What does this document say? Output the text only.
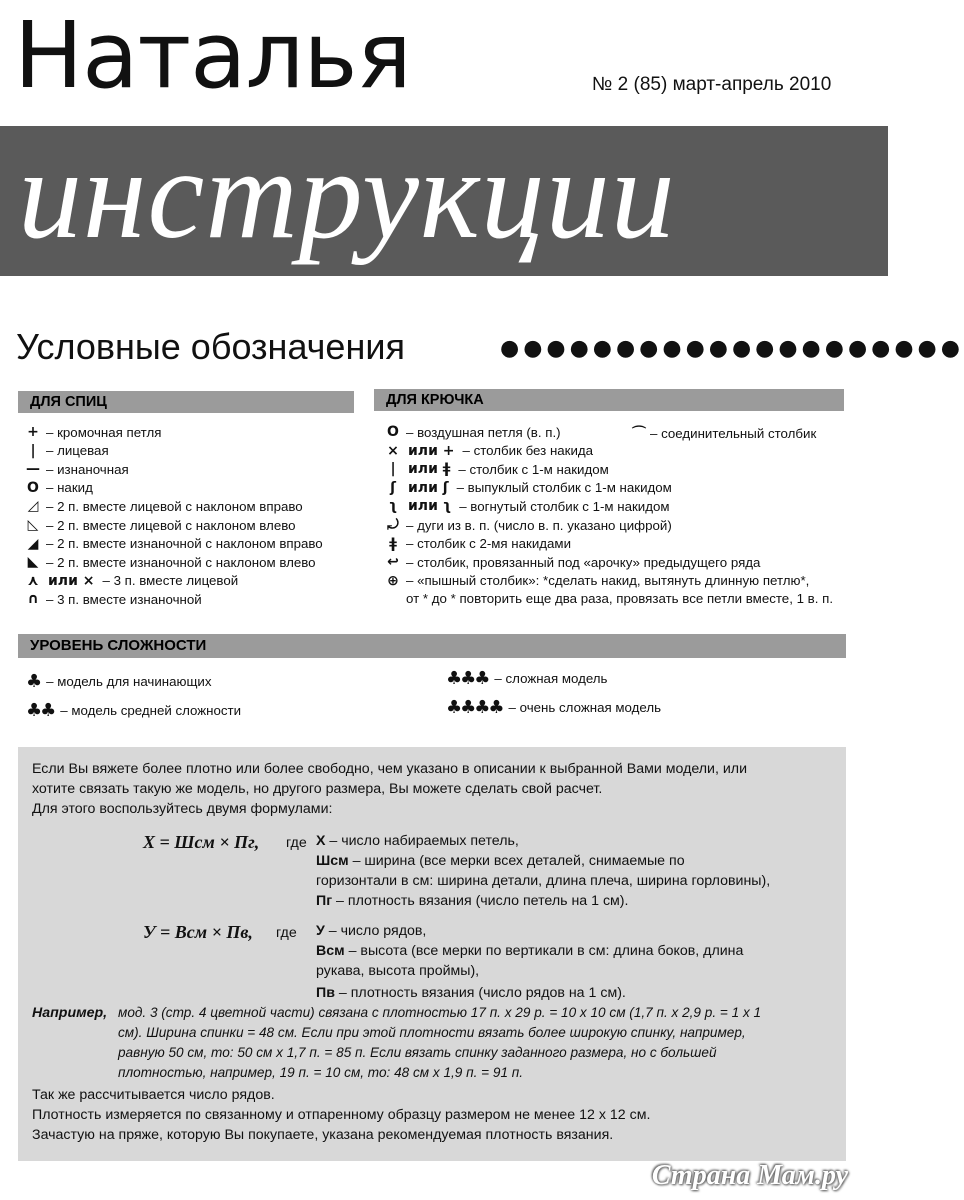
Наталья	№ 2 (85) март-апрель 2010
инструкции
Условные обозначения	●●●●●●●●●●●●●●●●●●●●
ДЛЯ СПИЦ
+ – кромочная петля
| – лицевая
— – изнаночная
O – накид
◿ – 2 п. вместе лицевой с наклоном вправо
◺ – 2 п. вместе лицевой с наклоном влево
◢ – 2 п. вместе изнаночной с наклоном вправо
◣ – 2 п. вместе изнаночной с наклоном влево
⋏ или × – 3 п. вместе лицевой
∩ – 3 п. вместе изнаночной
ДЛЯ КРЮЧКА
O – воздушная петля (в. п.)
× или + – столбик без накида
| или ǂ – столбик с 1-м накидом
ʃ или ʃ – выпуклый столбик с 1-м накидом
ʅ или ʅ – вогнутый столбик с 1-м накидом
⤾ – дуги из в. п. (число в. п. указано цифрой)
ǂ – столбик с 2-мя накидами
↩ – столбик, провязанный под «арочку» предыдущего ряда
⊕ – «пышный столбик»: *сделать накид, вытянуть длинную петлю*,
от * до * повторить еще два раза, провязать все петли вместе, 1 в. п.
⌒ – соединительный столбик
УРОВЕНЬ СЛОЖНОСТИ
♣ – модель для начинающих
♣♣ – модель средней сложности
♣♣♣ – сложная модель
♣♣♣♣ – очень сложная модель
Если Вы вяжете более плотно или более свободно, чем указано в описании к выбранной Вами модели, или
хотите связать такую же модель, но другого размера, Вы можете сделать свой расчет.
Для этого воспользуйтесь двумя формулами:
X = Шсм × Пг, где X – число набираемых петель,
Шсм – ширина (все мерки всех деталей, снимаемые по
горизонтали в см: ширина детали, длина плеча, ширина горловины),
Пг – плотность вязания (число петель на 1 см).
У = Всм × Пв, где У – число рядов,
Всм – высота (все мерки по вертикали в см: длина боков, длина
рукава, высота проймы),
Пв – плотность вязания (число рядов на 1 см).
Например, мод. 3 (стр. 4 цветной части) связана с плотностью 17 п. х 29 р. = 10 х 10 см (1,7 п. х 2,9 р. = 1 х 1
см). Ширина спинки = 48 см. Если при этой плотности вязать более широкую спинку, например,
равную 50 см, то: 50 см х 1,7 п. = 85 п. Если вязать спинку заданного размера, но с большей
плотностью, например, 19 п. = 10 см, то: 48 см х 1,9 п. = 91 п.
Так же рассчитывается число рядов.
Плотность измеряется по связанному и отпаренному образцу размером не менее 12 х 12 см.
Зачастую на пряже, которую Вы покупаете, указана рекомендуемая плотность вязания.
Страна Мам.ру
